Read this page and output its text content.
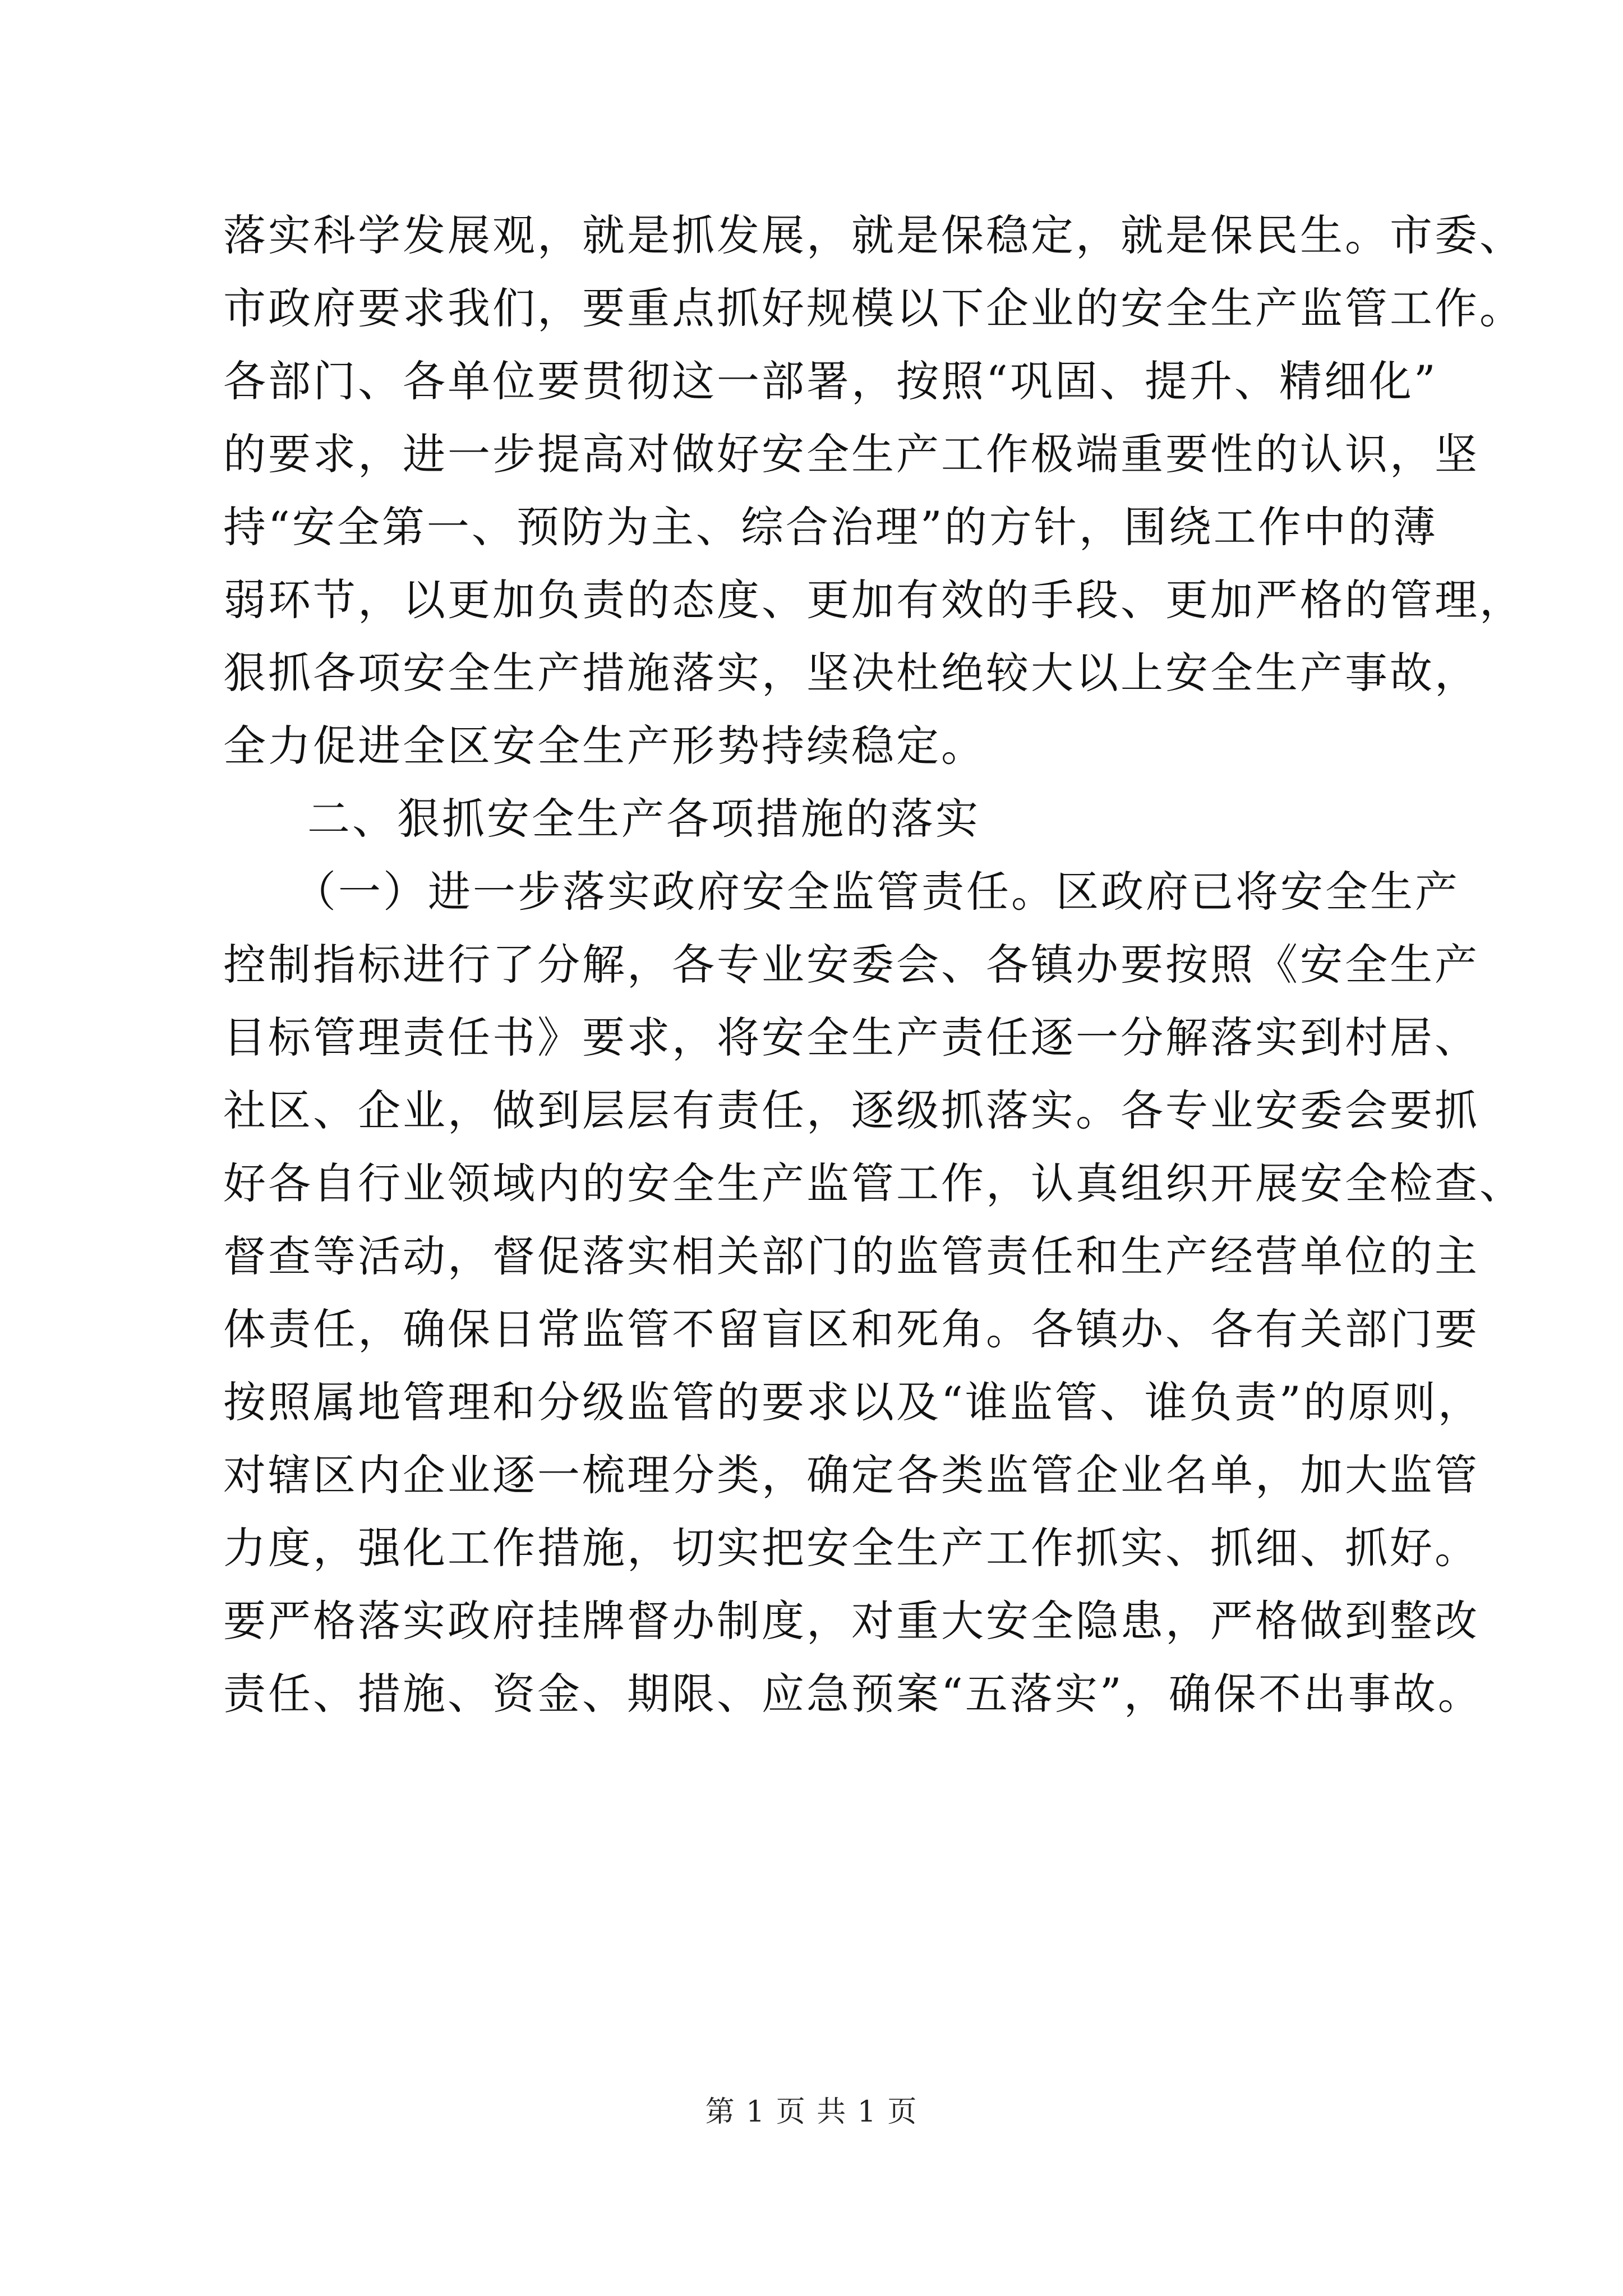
落实科学发展观，就是抓发展，就是保稳定，就是保民生。市委、
市政府要求我们，要重点抓好规模以下企业的安全生产监管工作。
各部门、各单位要贯彻这一部署，按照“巩固、提升、精细化”
的要求，进一步提高对做好安全生产工作极端重要性的认识，坚
持“安全第一、预防为主、综合治理”的方针，围绕工作中的薄
弱环节，以更加负责的态度、更加有效的手段、更加严格的管理，
狠抓各项安全生产措施落实，坚决杜绝较大以上安全生产事故，
全力促进全区安全生产形势持续稳定。
二、狠抓安全生产各项措施的落实
（一）进一步落实政府安全监管责任。区政府已将安全生产
控制指标进行了分解，各专业安委会、各镇办要按照《安全生产
目标管理责任书》要求，将安全生产责任逐一分解落实到村居、
社区、企业，做到层层有责任，逐级抓落实。各专业安委会要抓
好各自行业领域内的安全生产监管工作，认真组织开展安全检查、
督查等活动，督促落实相关部门的监管责任和生产经营单位的主
体责任，确保日常监管不留盲区和死角。各镇办、各有关部门要
按照属地管理和分级监管的要求以及“谁监管、谁负责”的原则，
对辖区内企业逐一梳理分类，确定各类监管企业名单，加大监管
力度，强化工作措施，切实把安全生产工作抓实、抓细、抓好。
要严格落实政府挂牌督办制度，对重大安全隐患，严格做到整改
责任、措施、资金、期限、应急预案“五落实”，确保不出事故。
第 1 页 共 1 页
